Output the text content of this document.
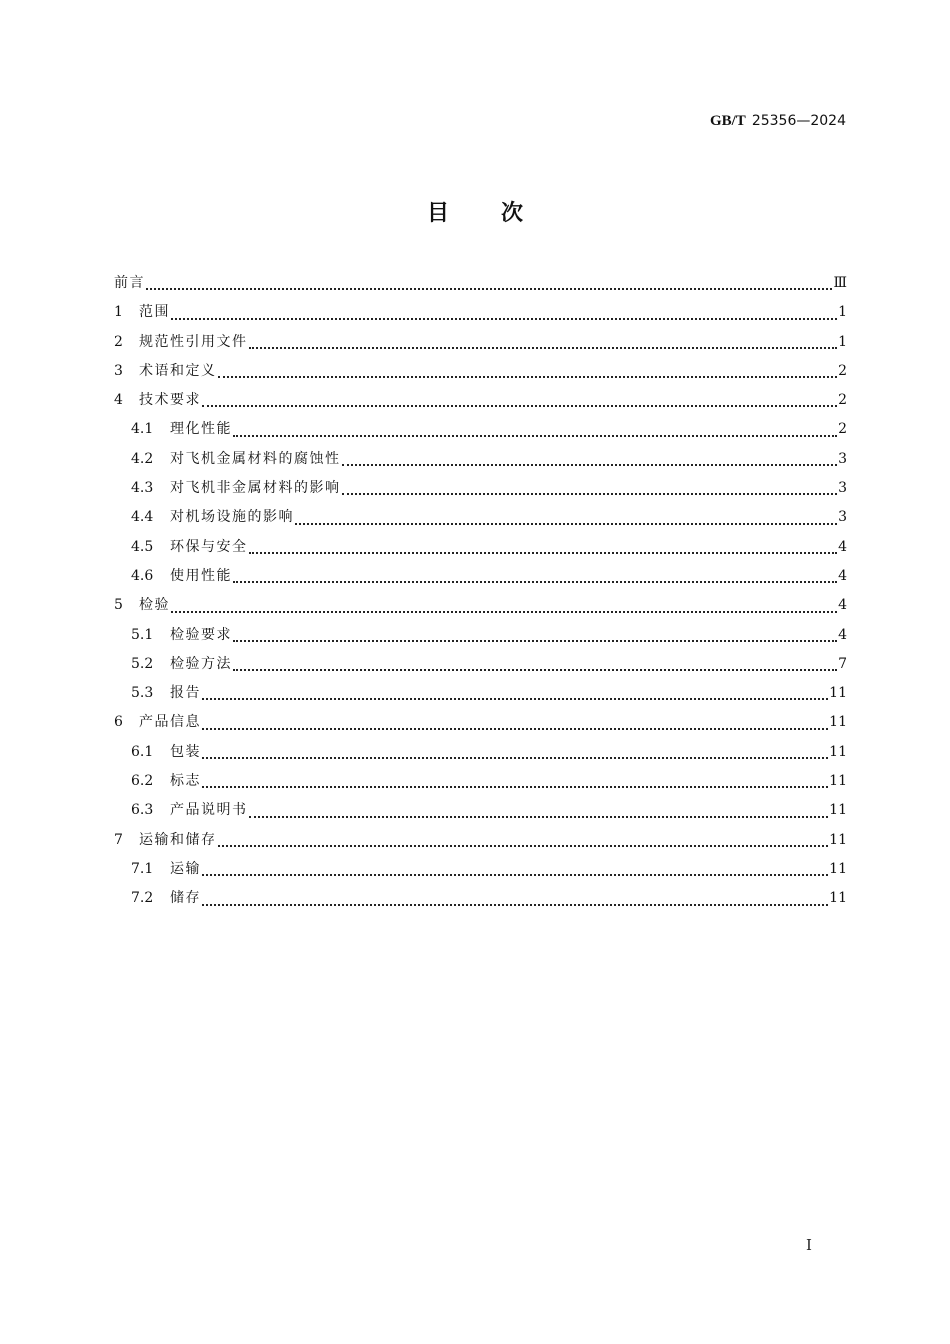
GB/T 25356—2024
目次
前言	Ⅲ
1	范围	1
2	规范性引用文件	1
3	术语和定义	2
4	技术要求	2
4.1	理化性能	2
4.2	对飞机金属材料的腐蚀性	3
4.3	对飞机非金属材料的影响	3
4.4	对机场设施的影响	3
4.5	环保与安全	4
4.6	使用性能	4
5	检验	4
5.1	检验要求	4
5.2	检验方法	7
5.3	报告	11
6	产品信息	11
6.1	包装	11
6.2	标志	11
6.3	产品说明书	11
7	运输和储存	11
7.1	运输	11
7.2	储存	11
Ⅰ
